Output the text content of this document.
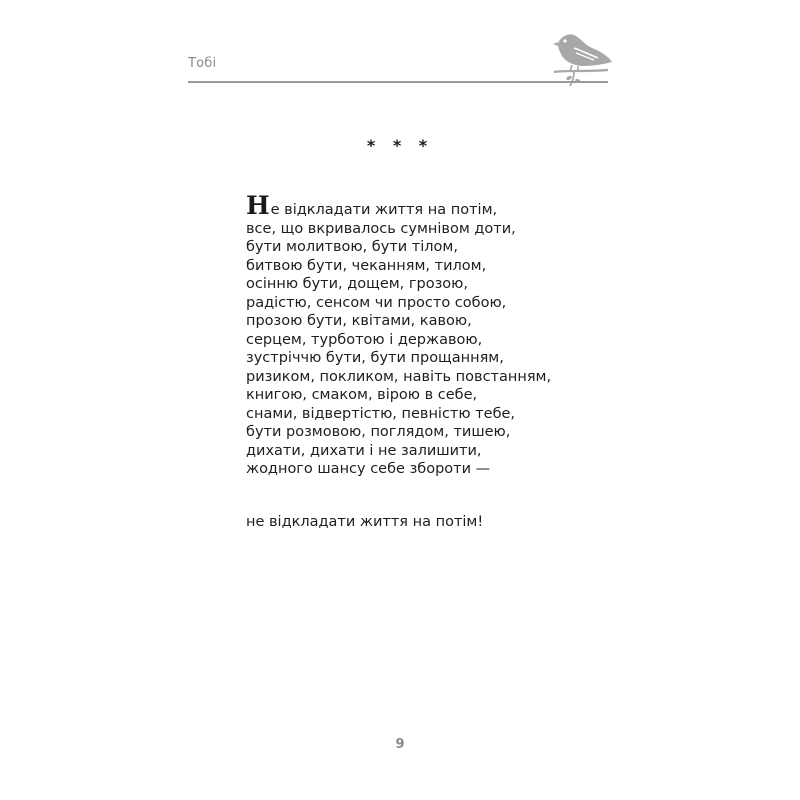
Тобі
* * *
Не відкладати життя на потім,
все, що вкривалось сумнівом доти,
бути молитвою, бути тілом,
битвою бути, чеканням, тилом,
осінню бути, дощем, грозою,
радістю, сенсом чи просто собою,
прозою бути, квітами, кавою,
серцем, турботою і державою,
зустріччю бути, бути прощанням,
ризиком, покликом, навіть повстанням,
книгою, смаком, вірою в себе,
снами, відвертістю, певністю тебе,
бути розмовою, поглядом, тишею,
дихати, дихати і не залишити,
жодного шансу себе збороти —
не відкладати життя на потім!
9
